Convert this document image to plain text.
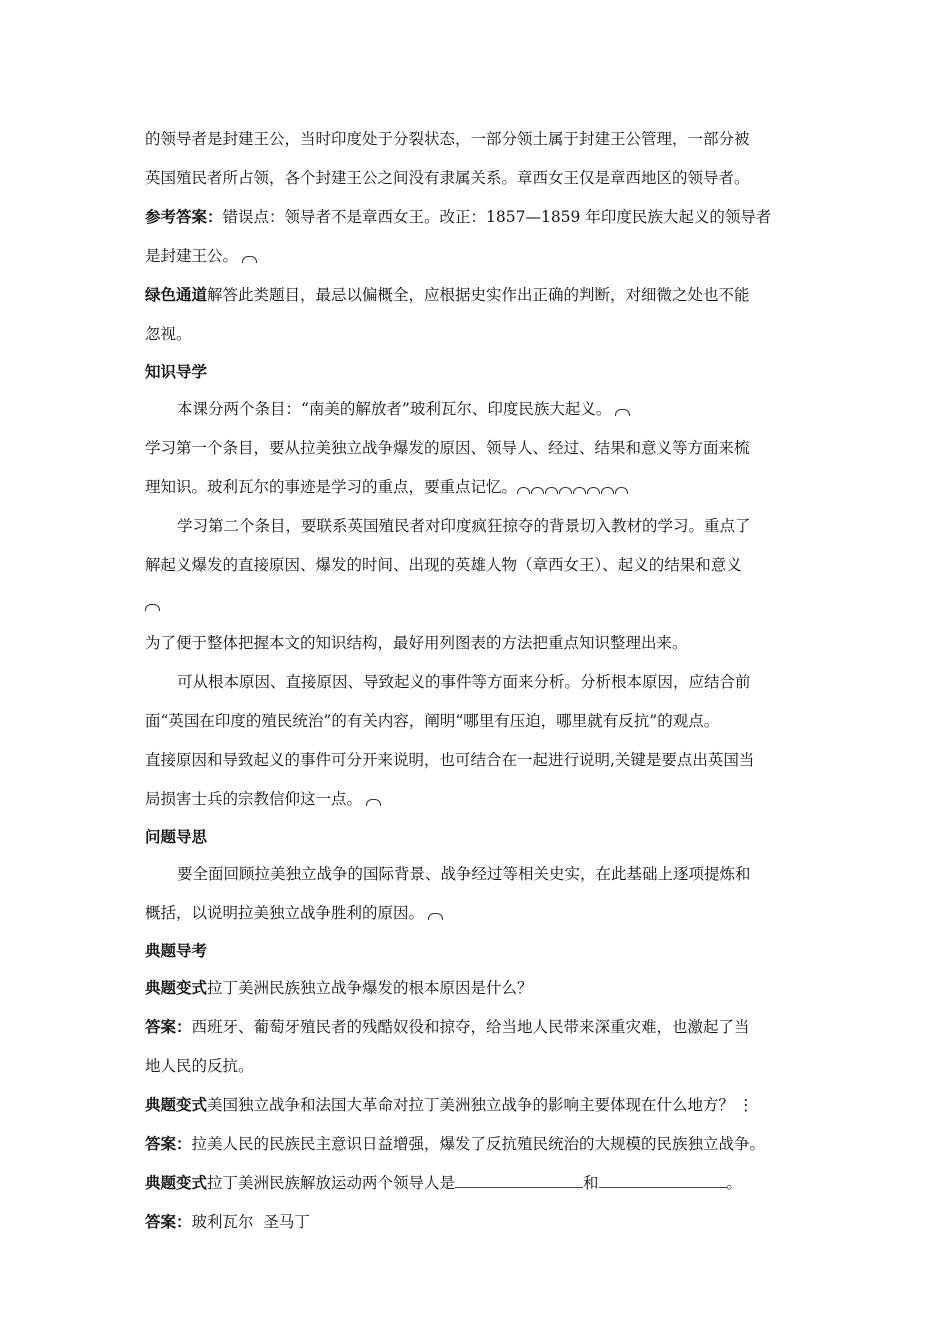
的领导者是封建王公，当时印度处于分裂状态，一部分领土属于封建王公管理，一部分被

英国殖民者所占领，各个封建王公之间没有隶属关系。章西女王仅是章西地区的领导者。

参考答案：错误点：领导者不是章西女王。改正：1857—1859 年印度民族大起义的领导者

是封建王公。

绿色通道解答此类题目，最忌以偏概全，应根据史实作出正确的判断，对细微之处也不能

忽视。

知识导学

本课分两个条目：“南美的解放者”玻利瓦尔、印度民族大起义。

学习第一个条目，要从拉美独立战争爆发的原因、领导人、经过、结果和意义等方面来梳

理知识。玻利瓦尔的事迹是学习的重点，要重点记忆。

学习第二个条目，要联系英国殖民者对印度疯狂掠夺的背景切入教材的学习。重点了

解起义爆发的直接原因、爆发的时间、出现的英雄人物（章西女王）、起义的结果和意义

为了便于整体把握本文的知识结构，最好用列图表的方法把重点知识整理出来。

可从根本原因、直接原因、导致起义的事件等方面来分析。分析根本原因，应结合前

面“英国在印度的殖民统治”的有关内容，阐明“哪里有压迫，哪里就有反抗”的观点。

直接原因和导致起义的事件可分开来说明，也可结合在一起进行说明,关键是要点出英国当

局损害士兵的宗教信仰这一点。

问题导思

要全面回顾拉美独立战争的国际背景、战争经过等相关史实，在此基础上逐项提炼和

概括，以说明拉美独立战争胜利的原因。

典题导考

典题变式拉丁美洲民族独立战争爆发的根本原因是什么？

答案：西班牙、葡萄牙殖民者的残酷奴役和掠夺，给当地人民带来深重灾难，也激起了当

地人民的反抗。

典题变式美国独立战争和法国大革命对拉丁美洲独立战争的影响主要体现在什么地方？ ⋮

答案：拉美人民的民族民主意识日益增强，爆发了反抗殖民统治的大规模的民族独立战争。

典题变式拉丁美洲民族解放运动两个领导人是	和	。

答案：玻利瓦尔  圣马丁
